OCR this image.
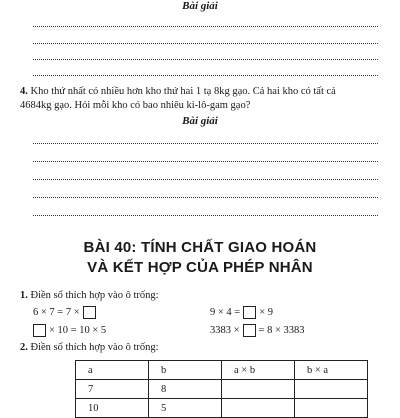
Bài giải
4. Kho thứ nhất có nhiều hơn kho thứ hai 1 tạ 8kg gạo. Cả hai kho có tất cả
4684kg gạo. Hỏi mỗi kho có bao nhiêu ki-lô-gam gạo?
Bài giải
BÀI 40: TÍNH CHẤT GIAO HOÁN
VÀ KẾT HỢP CỦA PHÉP NHÂN
1. Điền số thích hợp vào ô trống:
6 × 7 = 7 ×	9 × 4 = × 9
× 10 = 10 × 5	3383 × = 8 × 3383
2. Điền số thích hợp vào ô trống:
a	b	a × b	b × a
7	8		
10	5		
